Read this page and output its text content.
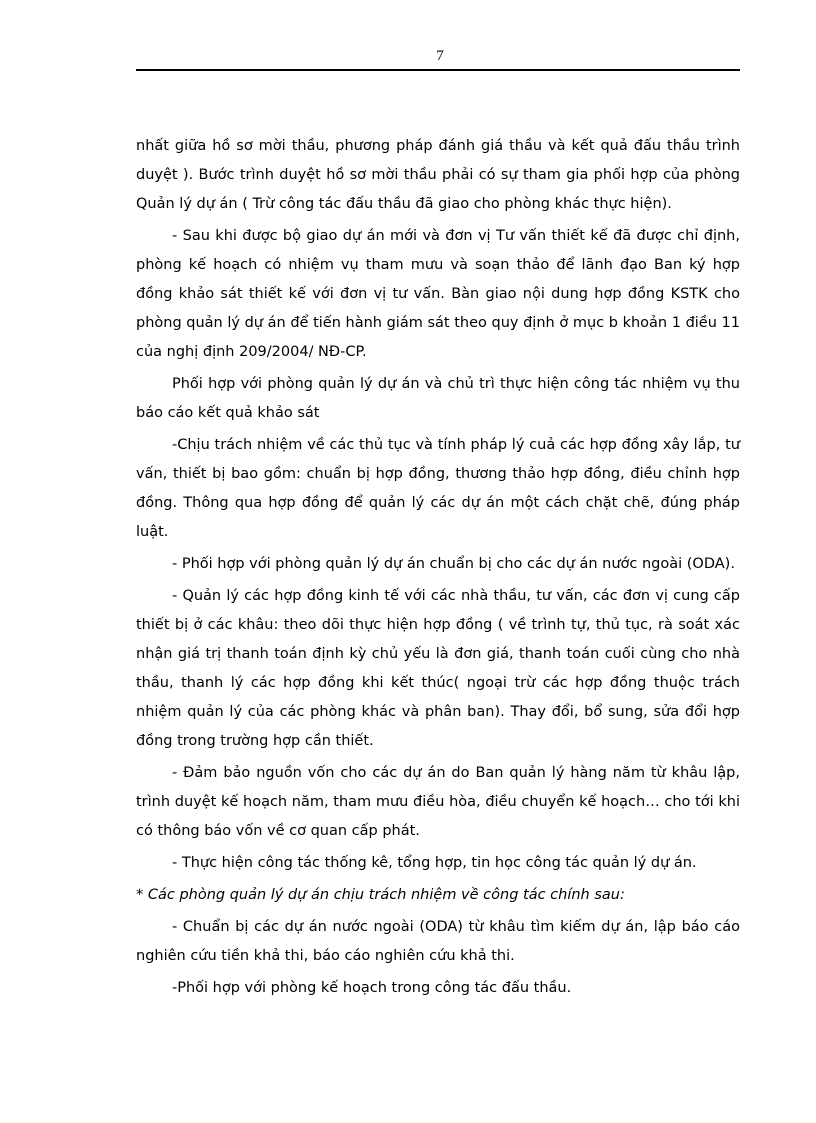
7

nhất giữa hồ sơ mời thầu, phương pháp đánh giá thầu và kết quả đấu thầu trình duyệt ). Bước trình duyệt hồ sơ mời thầu phải có sự tham gia phối hợp của phòng Quản lý dự án ( Trừ công tác đấu thầu đã giao cho phòng khác thực hiện).

- Sau khi được bộ giao dự án mới và đơn vị Tư vấn thiết kế đã được chỉ định, phòng kế hoạch có nhiệm vụ tham mưu và soạn thảo để lãnh đạo Ban ký hợp đồng khảo sát thiết kế với đơn vị tư vấn. Bàn giao nội dung hợp đồng KSTK cho phòng quản lý dự án để tiến hành giám sát theo quy định ở mục b khoản 1 điều 11 của nghị định 209/2004/ NĐ-CP.

Phối hợp với phòng quản lý dự án và chủ trì thực hiện công tác nhiệm vụ thu báo cáo kết quả khảo sát

-Chịu trách nhiệm về các thủ tục và tính pháp lý cuả các hợp đồng xây lắp, tư vấn, thiết bị bao gồm: chuẩn bị hợp đồng, thương thảo hợp đồng, điều chỉnh hợp đồng. Thông qua hợp đồng để quản lý các dự án một cách chặt chẽ, đúng pháp luật.

- Phối hợp với phòng quản lý dự án chuẩn bị cho các dự án nước ngoài (ODA).

- Quản lý các hợp đồng kinh tế với các nhà thầu, tư vấn, các đơn vị cung cấp thiết bị ở các khâu: theo dõi thực hiện hợp đồng ( về trình tự, thủ tục, rà soát xác nhận giá trị thanh toán định kỳ chủ yếu là đơn giá, thanh toán cuối cùng cho nhà thầu, thanh lý các hợp đồng khi kết thúc( ngoại trừ các hợp đồng thuộc trách nhiệm quản lý của các phòng khác và phân ban). Thay đổi, bổ sung, sửa đổi hợp đồng trong trường hợp cần thiết.

- Đảm bảo nguồn vốn cho các dự án do Ban quản lý hàng năm từ khâu lập, trình duyệt kế hoạch năm, tham mưu điều hòa, điều chuyển kế hoạch… cho tới khi có thông báo vốn về cơ quan cấp phát.

- Thực hiện công tác thống kê, tổng hợp, tin học công tác quản lý dự án.

* Các phòng quản lý dự án chịu trách nhiệm về công tác chính sau:

- Chuẩn bị các dự án nước ngoài (ODA) từ khâu tìm kiếm dự án, lập báo cáo nghiên cứu tiền khả thi, báo cáo nghiên cứu khả thi.

-Phối hợp với phòng kế hoạch trong công tác đấu thầu.
